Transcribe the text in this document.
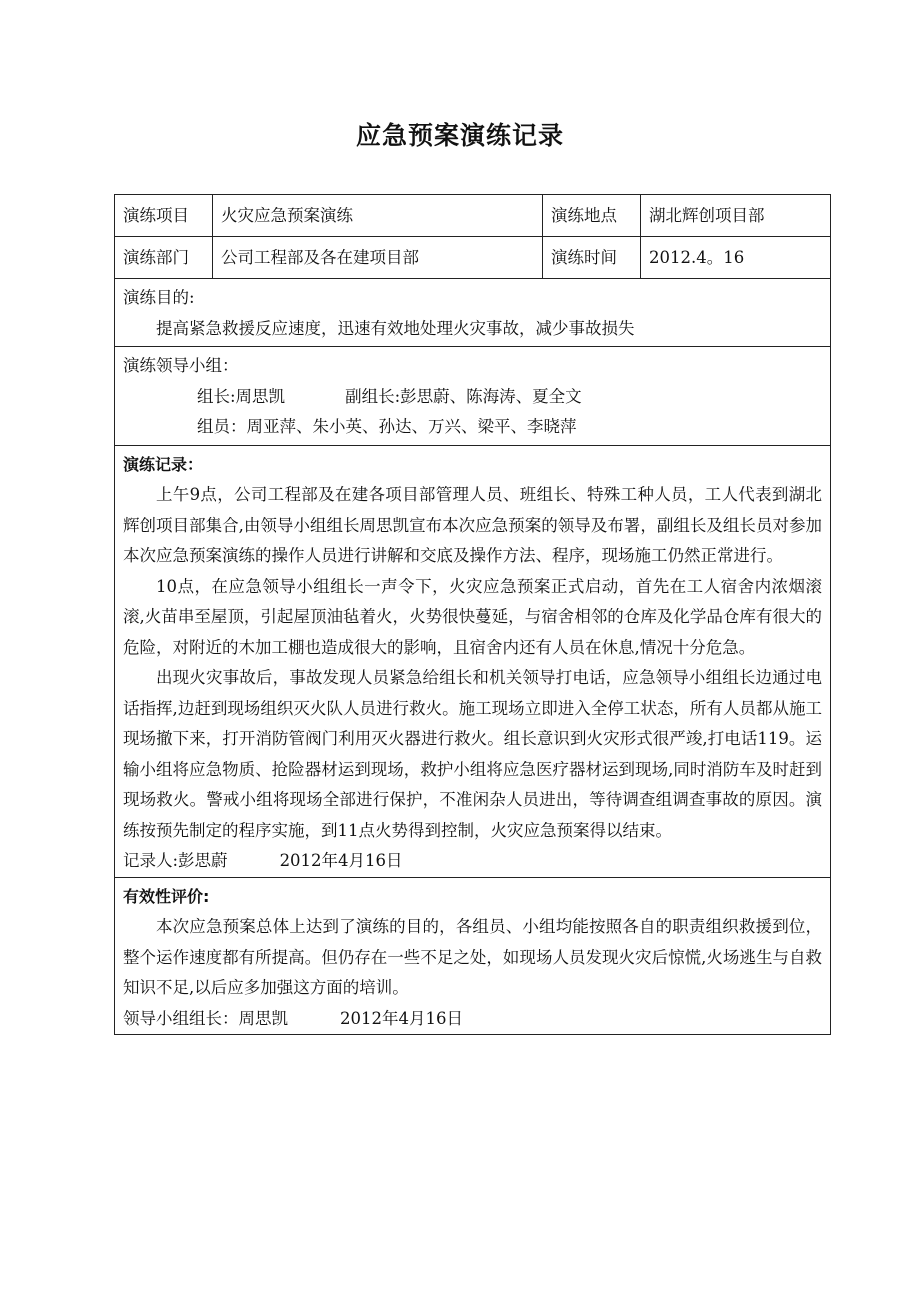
应急预案演练记录
演练项目	火灾应急预案演练	演练地点	湖北辉创项目部

演练部门	公司工程部及各在建项目部	演练时间	2012.4。16

演练目的:

提高紧急救援反应速度，迅速有效地处理火灾事故，减少事故损失			

演练领导小组：

组长:周思凯 副组长:彭思蔚、陈海涛、夏全文

组员：周亚萍、朱小英、孙达、万兴、梁平、李晓萍			

演练记录：

上午9点，公司工程部及在建各项目部管理人员、班组长、特殊工种人员，工人代表到湖北辉创项目部集合,由领导小组组长周思凯宣布本次应急预案的领导及布署，副组长及组长员对参加本次应急预案演练的操作人员进行讲解和交底及操作方法、程序，现场施工仍然正常进行。

10点，在应急领导小组组长一声令下，火灾应急预案正式启动，首先在工人宿舍内浓烟滚滚,火苗串至屋顶，引起屋顶油毡着火，火势很快蔓延，与宿舍相邻的仓库及化学品仓库有很大的危险，对附近的木加工棚也造成很大的影响，且宿舍内还有人员在休息,情况十分危急。

出现火灾事故后，事故发现人员紧急给组长和机关领导打电话，应急领导小组组长边通过电话指挥,边赶到现场组织灭火队人员进行救火。施工现场立即进入全停工状态，所有人员都从施工现场撤下来，打开消防管阀门利用灭火器进行救火。组长意识到火灾形式很严竣,打电话119。运输小组将应急物质、抢险器材运到现场，救护小组将应急医疗器材运到现场,同时消防车及时赶到现场救火。警戒小组将现场全部进行保护，不准闲杂人员进出，等待调查组调查事故的原因。演练按预先制定的程序实施，到11点火势得到控制，火灾应急预案得以结束。

记录人:彭思蔚 2012年4月16日			

有效性评价:

本次应急预案总体上达到了演练的目的，各组员、小组均能按照各自的职责组织救援到位，整个运作速度都有所提高。但仍存在一些不足之处，如现场人员发现火灾后惊慌,火场逃生与自救知识不足,以后应多加强这方面的培训。

领导小组组长：周思凯 2012年4月16日			
